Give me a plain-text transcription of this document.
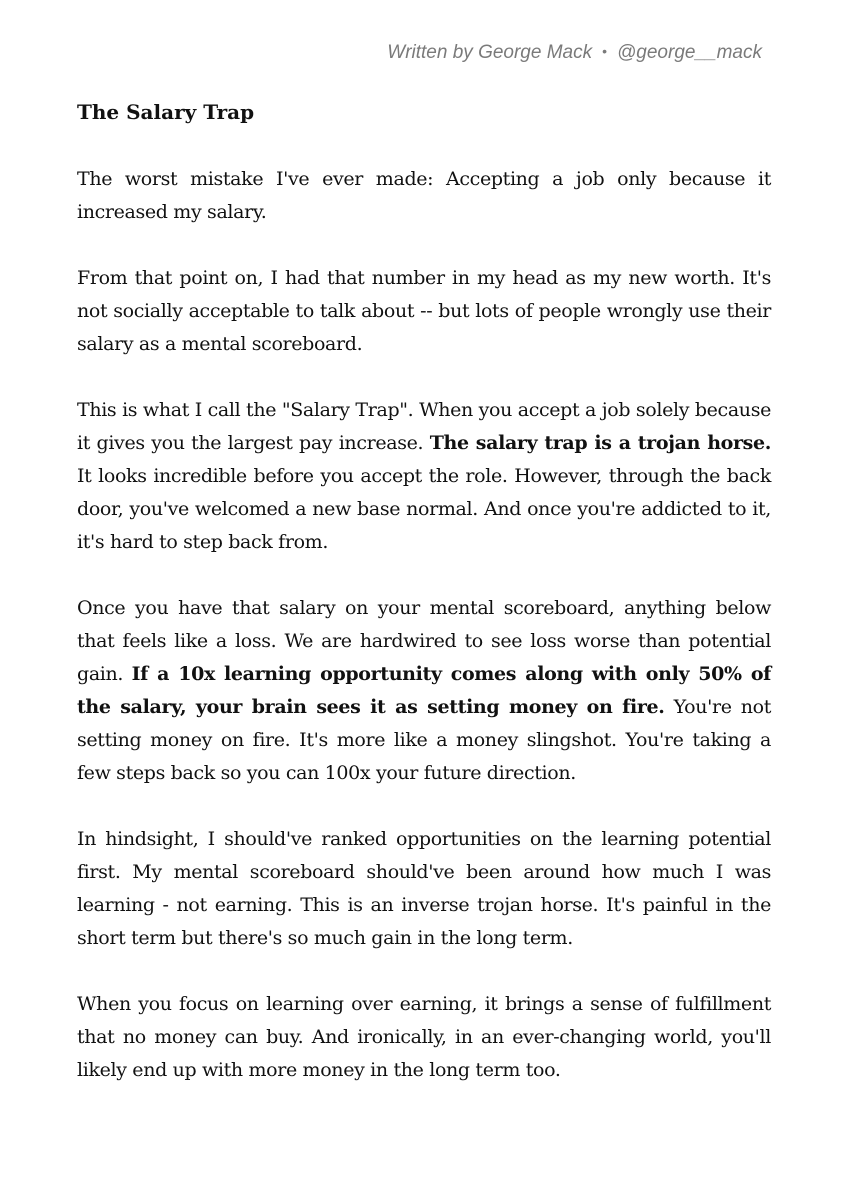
Written by George Mack • @george__mack
The Salary Trap

The worst mistake I've ever made: Accepting a job only because it increased my salary.

From that point on, I had that number in my head as my new worth. It's not socially acceptable to talk about -- but lots of people wrongly use their salary as a mental scoreboard.

This is what I call the "Salary Trap". When you accept a job solely because it gives you the largest pay increase. The salary trap is a trojan horse. It looks incredible before you accept the role. However, through the back door, you've welcomed a new base normal. And once you're addicted to it, it's hard to step back from.

Once you have that salary on your mental scoreboard, anything below that feels like a loss. We are hardwired to see loss worse than potential gain. If a 10x learning opportunity comes along with only 50% of the salary, your brain sees it as setting money on fire. You're not setting money on fire. It's more like a money slingshot. You're taking a few steps back so you can 100x your future direction.

In hindsight, I should've ranked opportunities on the learning potential first. My mental scoreboard should've been around how much I was learning - not earning. This is an inverse trojan horse. It's painful in the short term but there's so much gain in the long term.

When you focus on learning over earning, it brings a sense of fulfillment that no money can buy. And ironically, in an ever-changing world, you'll likely end up with more money in the long term too.
